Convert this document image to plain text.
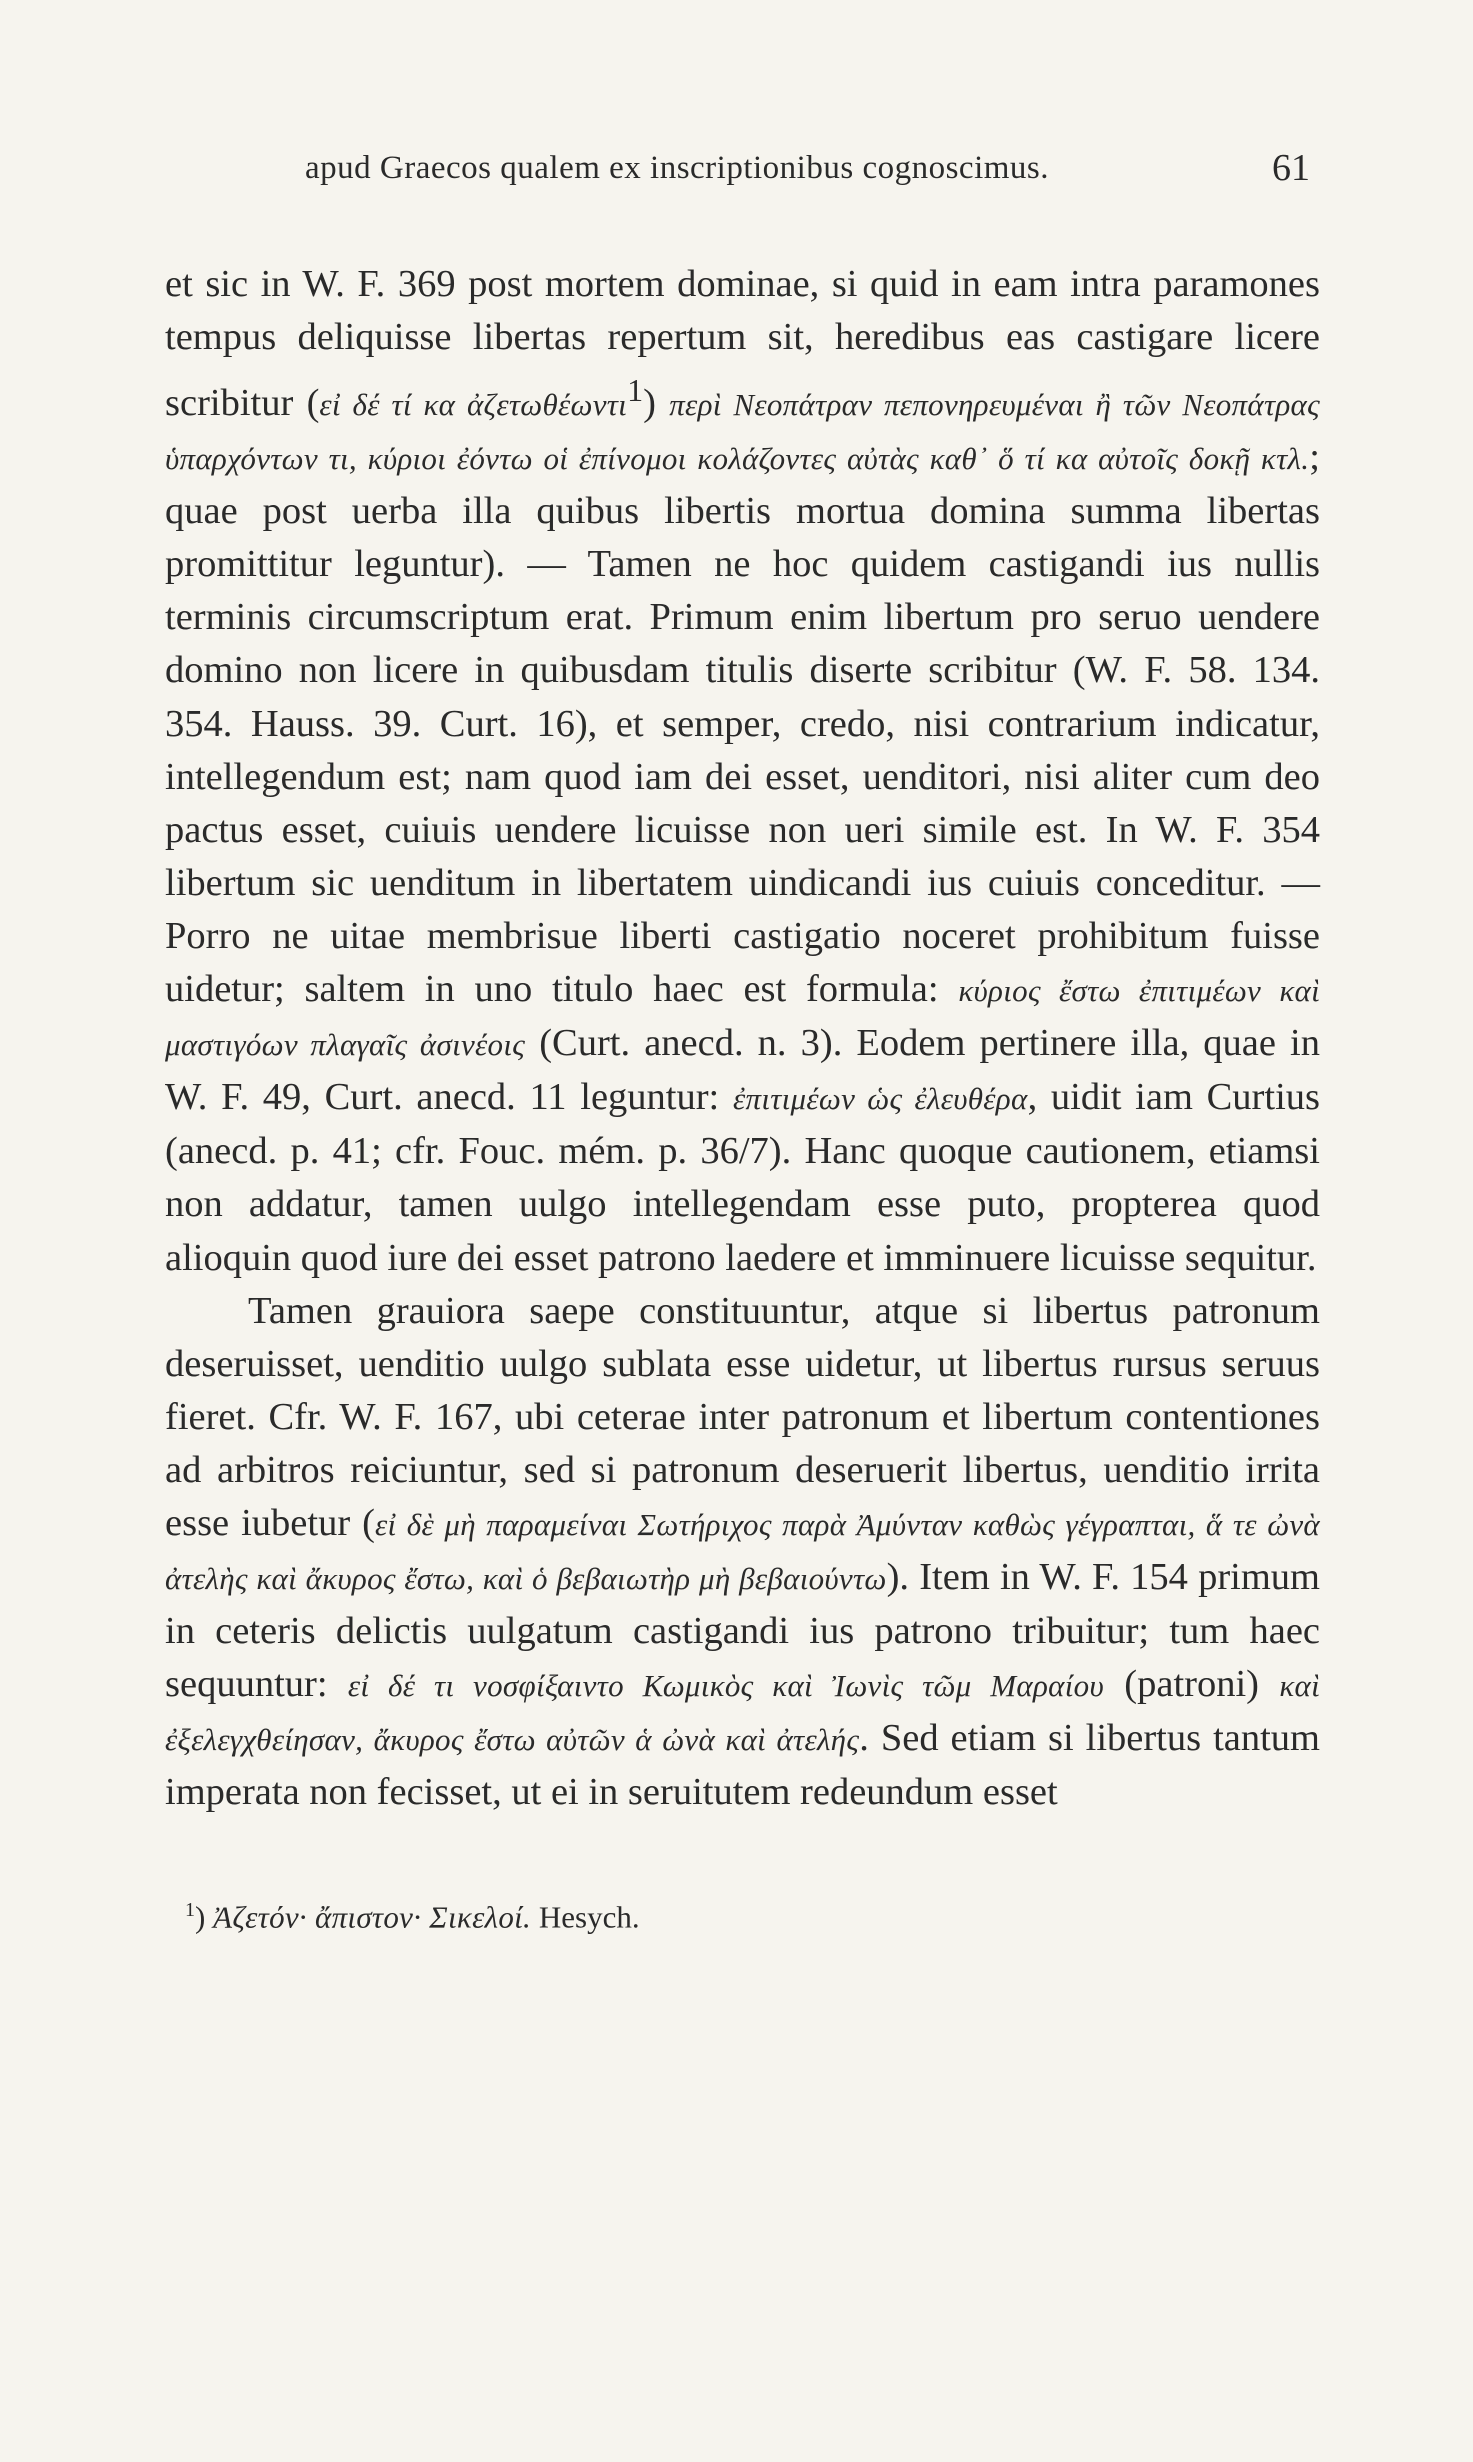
apud Graecos qualem ex inscriptionibus cognoscimus.	61

et sic in W. F. 369 post mortem dominae, si quid in eam intra paramones tempus deliquisse libertas repertum sit, heredibus eas castigare licere scribitur (εἰ δέ τί κα ἀζετωθέωντι$^1$) περὶ Νεοπάτραν πεπονηρευμέναι ἢ τῶν Νεοπάτρας ὑπαρχόντων τι, κύριοι ἐόντω οἱ ἐπίνομοι κολάζοντες αὐτὰς καθ᾽ ὅ τί κα αὐτοῖς δοκῇ κτλ.; quae post uerba illa quibus libertis mortua domina summa libertas promittitur leguntur). — Tamen ne hoc quidem castigandi ius nullis terminis circumscriptum erat. Primum enim libertum pro seruo uendere domino non licere in quibusdam titulis diserte scribitur (W. F. 58. 134. 354. Hauss. 39. Curt. 16), et semper, credo, nisi contrarium indicatur, intellegendum est; nam quod iam dei esset, uenditori, nisi aliter cum deo pactus esset, cuiuis uendere licuisse non ueri simile est. In W. F. 354 libertum sic uenditum in libertatem uindicandi ius cuiuis conceditur. — Porro ne uitae membrisue liberti castigatio noceret prohibitum fuisse uidetur; saltem in uno titulo haec est formula: κύριος ἔστω ἐπιτιμέων καὶ μαστιγόων πλαγαῖς ἀσινέοις (Curt. anecd. n. 3). Eodem pertinere illa, quae in W. F. 49, Curt. anecd. 11 leguntur: ἐπιτιμέων ὡς ἐλευθέρα, uidit iam Curtius (anecd. p. 41; cfr. Fouc. mém. p. 36/7). Hanc quoque cautionem, etiamsi non addatur, tamen uulgo intellegendam esse puto, propterea quod alioquin quod iure dei esset patrono laedere et imminuere licuisse sequitur.

Tamen grauiora saepe constituuntur, atque si libertus patronum deseruisset, uenditio uulgo sublata esse uidetur, ut libertus rursus seruus fieret. Cfr. W. F. 167, ubi ceterae inter patronum et libertum contentiones ad arbitros reiciuntur, sed si patronum deseruerit libertus, uenditio irrita esse iubetur (εἰ δὲ μὴ παραμείναι Σωτήριχος παρὰ Ἀμύνταν καθὼς γέγραπται, ἅ τε ὠνὰ ἀτελὴς καὶ ἄκυρος ἔστω, καὶ ὁ βεβαιωτὴρ μὴ βεβαιούντω). Item in W. F. 154 primum in ceteris delictis uulgatum castigandi ius patrono tribuitur; tum haec sequuntur: εἰ δέ τι νοσφίξαιντο Κωμικὸς καὶ Ἰωνὶς τῶμ Μαραίου (patroni) καὶ ἐξελεγχθείησαν, ἄκυρος ἔστω αὐτῶν ἁ ὠνὰ καὶ ἀτελής. Sed etiam si libertus tantum imperata non fecisset, ut ei in seruitutem redeundum esset

$^1$) Ἀζετόν· ἄπιστον· Σικελοί. Hesych.
